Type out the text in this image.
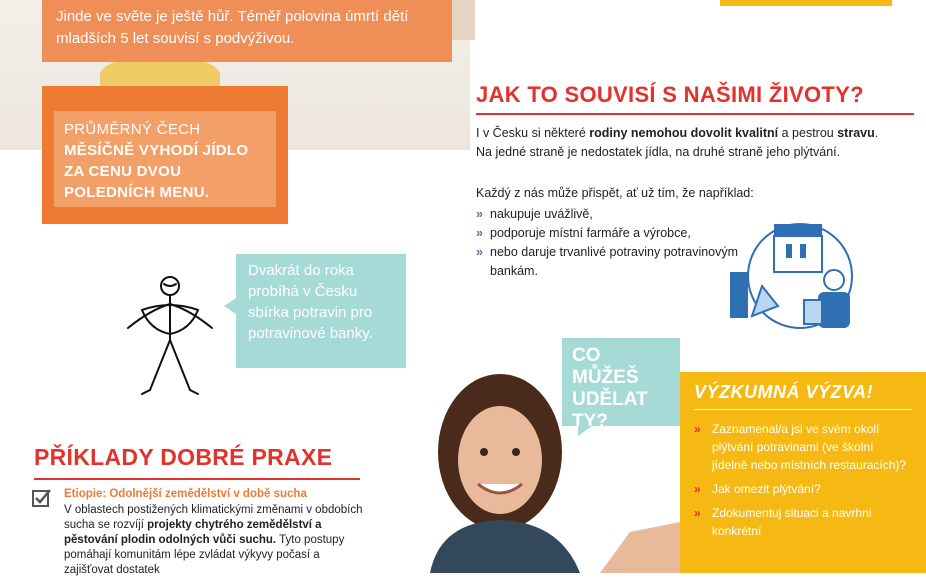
Jinde ve světe je ještě hůř. Téměř polovina úmrtí dětí mladších 5 let souvisí s podvýživou.
PRŮMĚRNÝ ČECH
MĚSÍČNĚ VYHODÍ JÍDLO ZA CENU DVOU POLEDNÍCH MENU.
JAK TO SOUVISÍ S NAŠIMI ŽIVOTY?
I v Česku si některé rodiny nemohou dovolit kvalitní a pestrou stravu. Na jedné straně je nedostatek jídla, na druhé straně jeho plýtvání.
Každý z nás může přispět, ať už tím, že například:
» nakupuje uvážlivě,
» podporuje místní farmáře a výrobce,
» nebo daruje trvanlivé potraviny potravinovým bankám.
Dvakrát do roka probíhá v Česku sbírka potravin pro potravinové banky.
CO MŮŽEŠ UDĚLAT TY?
VÝZKUMNÁ VÝZVA!
» Zaznamenal/a jsi ve svém okolí plýtvání potravinami (ve školní jídelně nebo místních restauracích)?
» Jak omezit plýtvání?
» Zdokumentuj situaci a navrhni konkrétní
PŘÍKLADY DOBRÉ PRAXE
Etiopie: Odolnější zemědělství v době sucha
V oblastech postižených klimatickými změnami v obdobích sucha se rozvíjí projekty chytrého zemědělství a pěstování plodin odolných vůči suchu. Tyto postupy pomáhají komunitám lépe zvládat výkyvy počasí a zajišťovat dostatek
